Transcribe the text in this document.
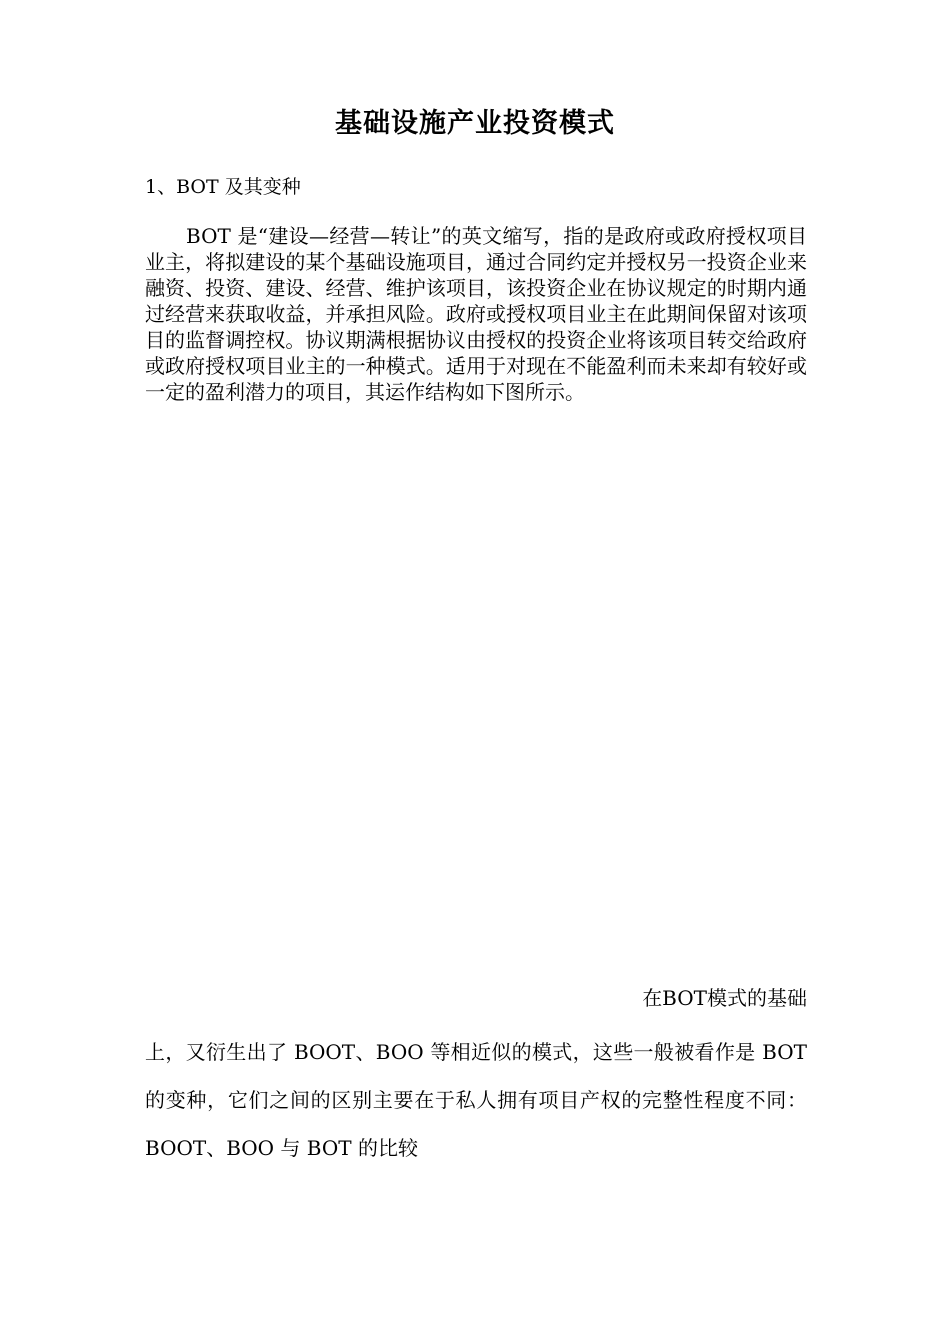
基础设施产业投资模式
1、BOT 及其变种

BOT 是“建设—经营—转让”的英文缩写，指的是政府或政府授权项目业主，将拟建设的某个基础设施项目，通过合同约定并授权另一投资企业来融资、投资、建设、经营、维护该项目，该投资企业在协议规定的时期内通过经营来获取收益，并承担风险。政府或授权项目业主在此期间保留对该项目的监督调控权。协议期满根据协议由授权的投资企业将该项目转交给政府或政府授权项目业主的一种模式。适用于对现在不能盈利而未来却有较好或一定的盈利潜力的项目，其运作结构如下图所示。

在BOT模式的基础
上，又衍生出了 BOOT、BOO 等相近似的模式，这些一般被看作是 BOT 的变种，它们之间的区别主要在于私人拥有项目产权的完整性程度不同：BOOT、BOO 与 BOT 的比较
